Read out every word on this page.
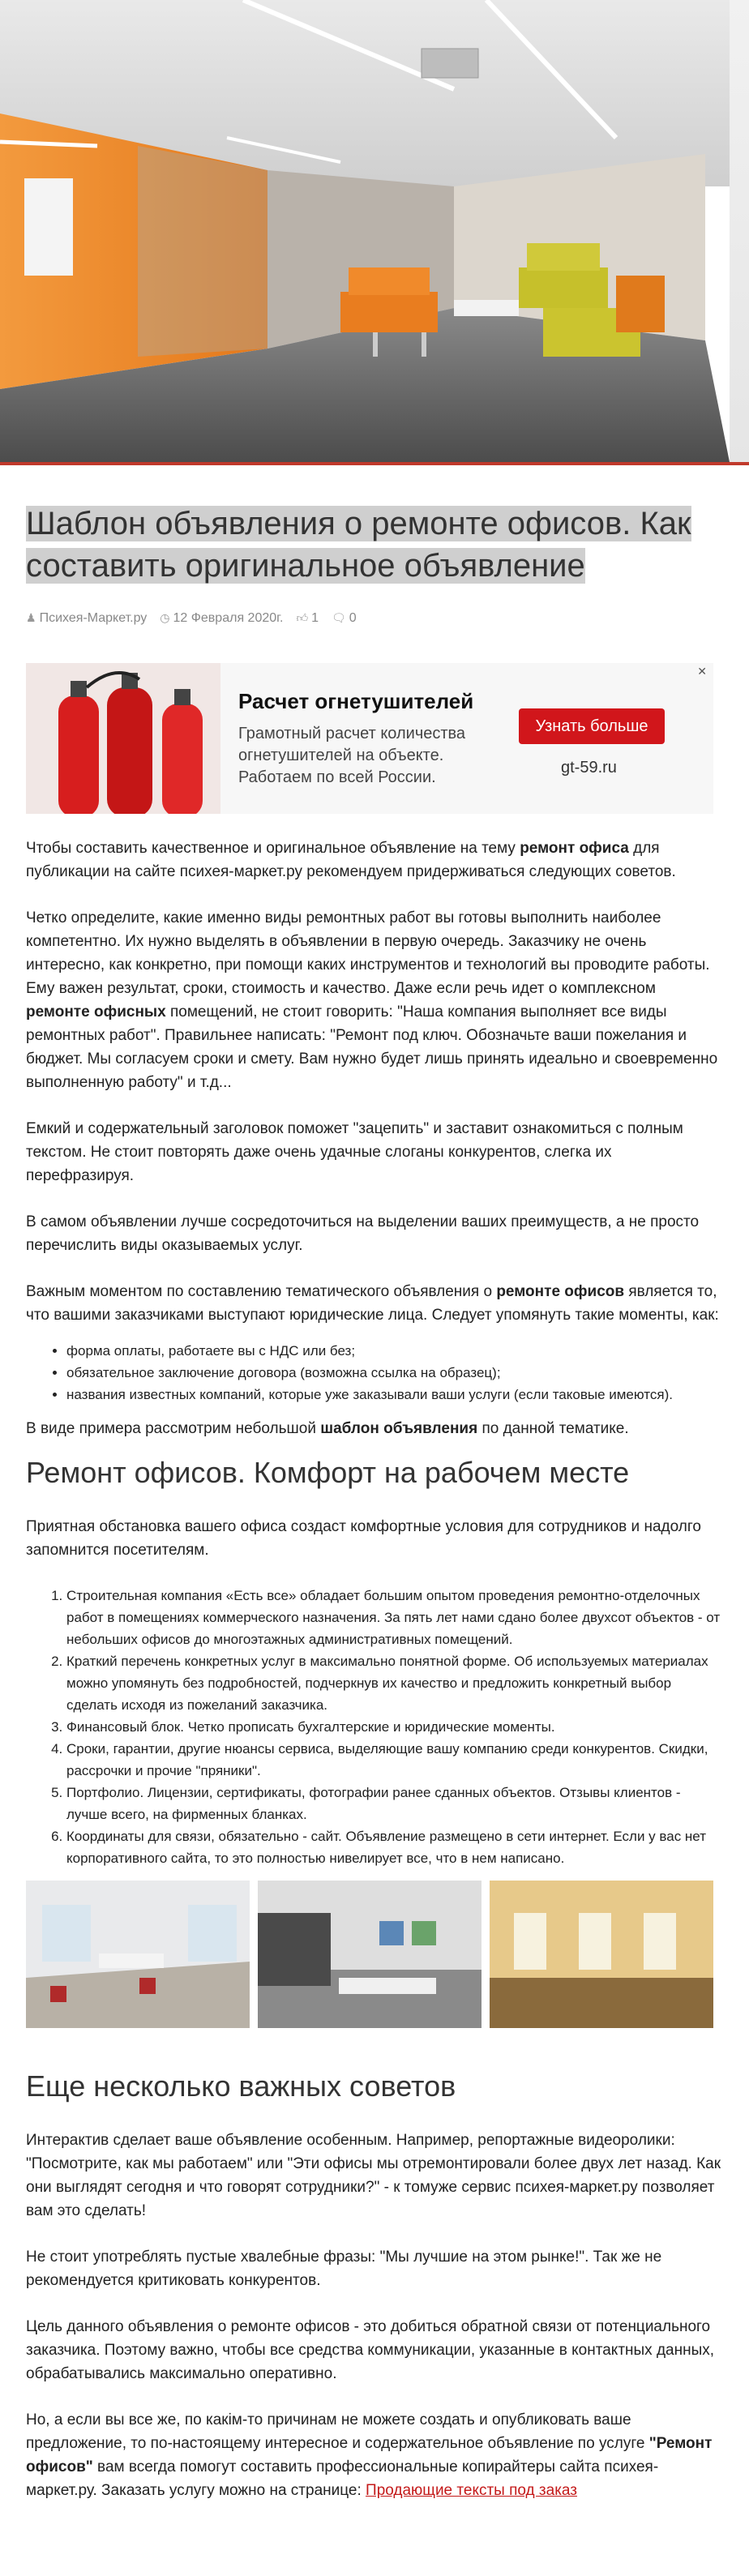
Шаблон объявления о ремонте офисов. Как составить оригинальное объявление
♟ Психея-Маркет.ру ◷ 12 Февраля 2020г. 👍︎ 1 🗨︎ 0
✕
Расчет огнетушителей
Грамотный расчет количества огнетушителей на объекте. Работаем по всей России.
Узнать больше
gt-59.ru

Чтобы составить качественное и оригинальное объявление на тему ремонт офиса для публикации на сайте психея-маркет.ру рекомендуем придерживаться следующих советов.

Четко определите, какие именно виды ремонтных работ вы готовы выполнить наиболее компетентно. Их нужно выделять в объявлении в первую очередь. Заказчику не очень интересно, как конкретно, при помощи каких инструментов и технологий вы проводите работы. Ему важен результат, сроки, стоимость и качество. Даже если речь идет о комплексном ремонте офисных помещений, не стоит говорить: "Наша компания выполняет все виды ремонтных работ". Правильнее написать: "Ремонт под ключ. Обозначьте ваши пожелания и бюджет. Мы согласуем сроки и смету. Вам нужно будет лишь принять идеально и своевременно выполненную работу" и т.д...

Емкий и содержательный заголовок поможет "зацепить" и заставит ознакомиться с полным текстом. Не стоит повторять даже очень удачные слоганы конкурентов, слегка их перефразируя.

В самом объявлении лучше сосредоточиться на выделении ваших преимуществ, а не просто перечислить виды оказываемых услуг.

Важным моментом по составлению тематического объявления о ремонте офисов является то, что вашими заказчиками выступают юридические лица. Следует упомянуть такие моменты, как:

• форма оплаты, работаете вы с НДС или без;
• обязательное заключение договора (возможна ссылка на образец);
• названия известных компаний, которые уже заказывали ваши услуги (если таковые имеются).

В виде примера рассмотрим небольшой шаблон объявления по данной тематике.

Ремонт офисов. Комфорт на рабочем месте

Приятная обстановка вашего офиса создаст комфортные условия для сотрудников и надолго запомнится посетителям.

1. Строительная компания «Есть все» обладает большим опытом проведения ремонтно-отделочных работ в помещениях коммерческого назначения. За пять лет нами сдано более двухсот объектов - от небольших офисов до многоэтажных административных помещений.
2. Краткий перечень конкретных услуг в максимально понятной форме. Об используемых материалах можно упомянуть без подробностей, подчеркнув их качество и предложить конкретный выбор сделать исходя из пожеланий заказчика.
3. Финансовый блок. Четко прописать бухгалтерские и юридические моменты.
4. Сроки, гарантии, другие нюансы сервиса, выделяющие вашу компанию среди конкурентов. Скидки, рассрочки и прочие "пряники".
5. Портфолио. Лицензии, сертификаты, фотографии ранее сданных объектов. Отзывы клиентов - лучше всего, на фирменных бланках.
6. Координаты для связи, обязательно - сайт. Объявление размещено в сети интернет. Если у вас нет корпоративного сайта, то это полностью нивелирует все, что в нем написано.
Еще несколько важных советов

Интерактив сделает ваше объявление особенным. Например, репортажные видеоролики: "Посмотрите, как мы работаем" или "Эти офисы мы отремонтировали более двух лет назад. Как они выглядят сегодня и что говорят сотрудники?" - к томуже сервис психея-маркет.ру позволяет вам это сделать!

Не стоит употреблять пустые хвалебные фразы: "Мы лучшие на этом рынке!". Так же не рекомендуется критиковать конкурентов.

Цель данного объявления о ремонте офисов - это добиться обратной связи от потенциального заказчика. Поэтому важно, чтобы все средства коммуникации, указанные в контактных данных, обрабатывались максимально оперативно.

Но, а если вы все же, по какім-то причинам не можете создать и опубликовать ваше предложение, то по-настоящему интересное и содержательное объявление по услуге "Ремонт офисов" вам всегда помогут составить профессиональные копирайтеры сайта психея-маркет.ру. Заказать услугу можно на странице: Продающие тексты под заказ
